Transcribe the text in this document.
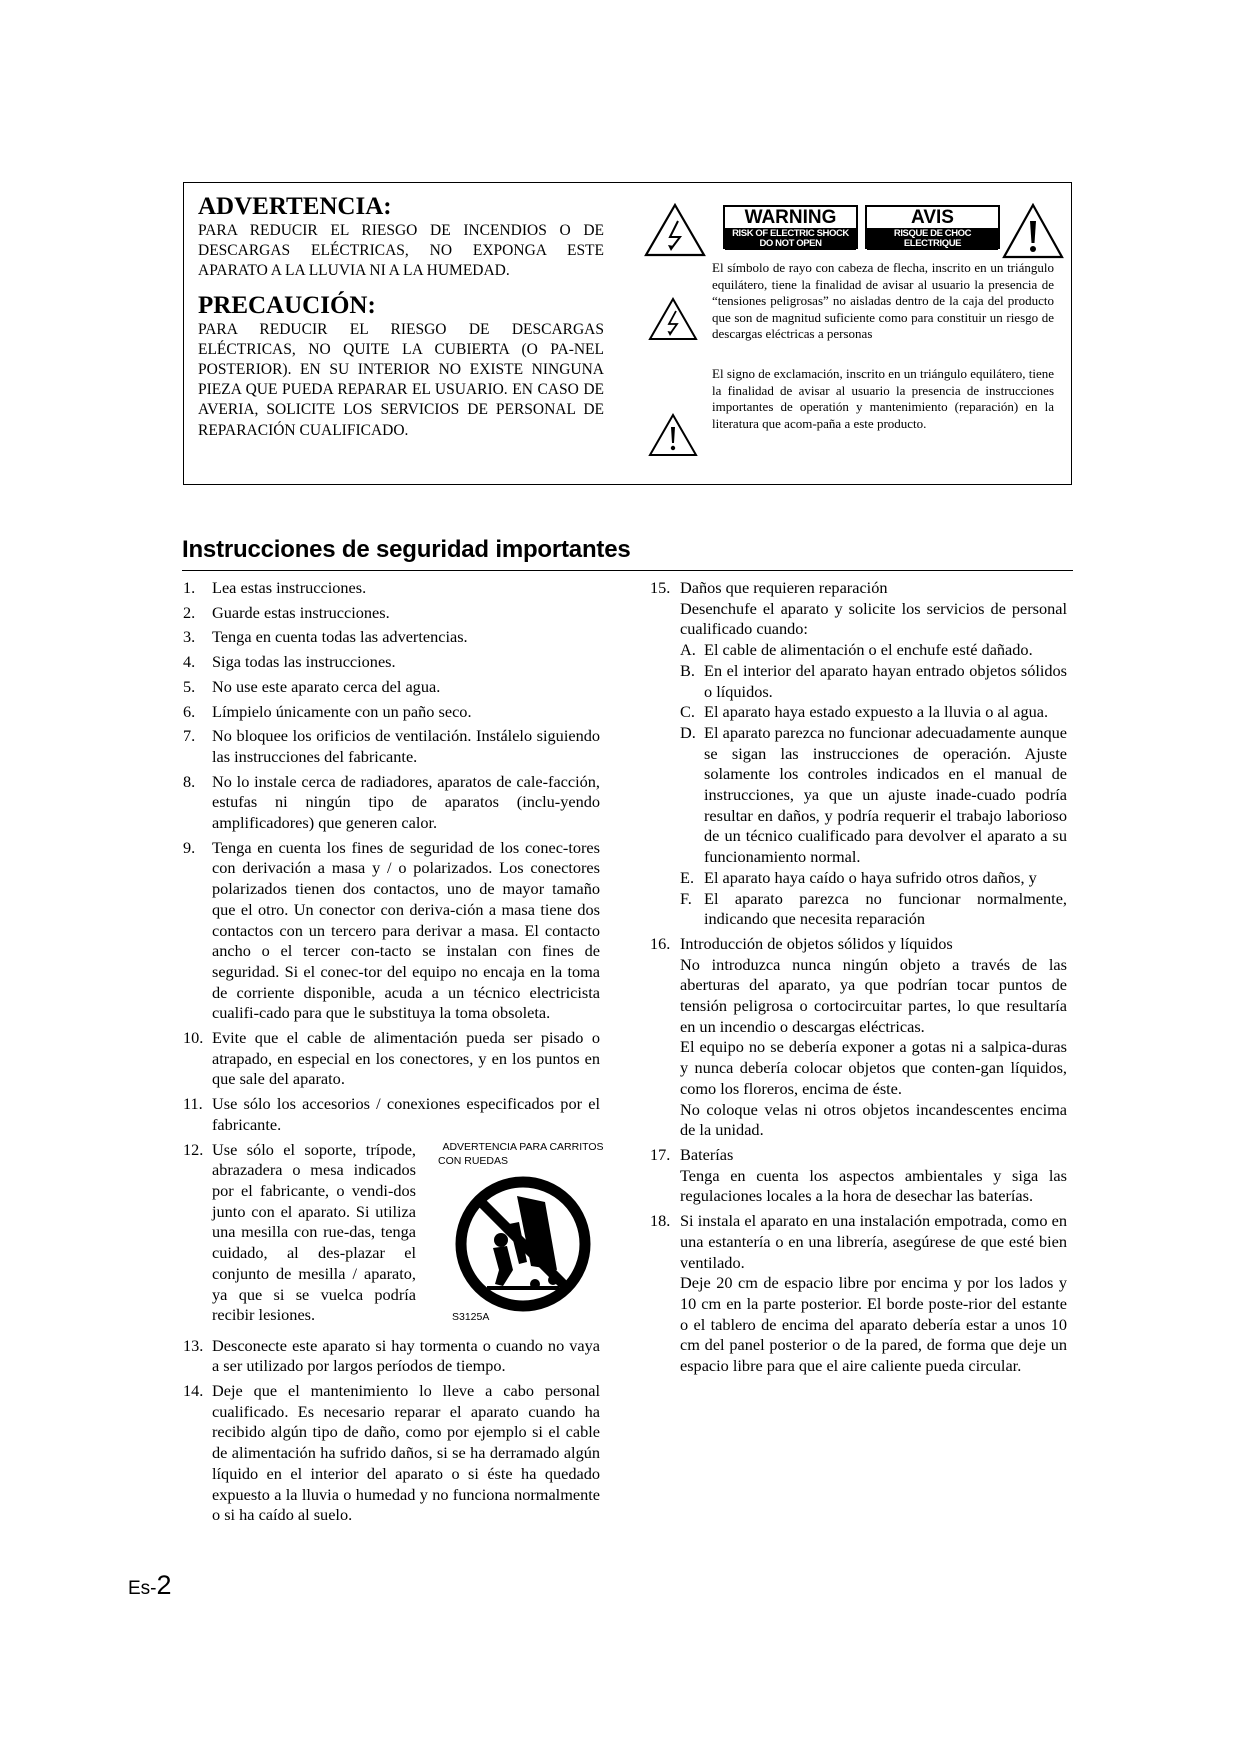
ADVERTENCIA:

PARA REDUCIR EL RIESGO DE INCENDIOS O DE DESCARGAS ELÉCTRICAS, NO EXPONGA ESTE APARATO A LA LLUVIA NI A LA HUMEDAD.

PRECAUCIÓN:

PARA REDUCIR EL RIESGO DE DESCARGAS ELÉCTRICAS, NO QUITE LA CUBIERTA (O PA-NEL POSTERIOR). EN SU INTERIOR NO EXISTE NINGUNA PIEZA QUE PUEDA REPARAR EL USUARIO. EN CASO DE AVERIA, SOLICITE LOS SERVICIOS DE PERSONAL DE REPARACIÓN CUALIFICADO.

WARNING
RISK OF ELECTRIC SHOCK
DO NOT OPEN
AVIS
RISQUE DE CHOC ELECTRIQUE
NE PAS OUVRIR

El símbolo de rayo con cabeza de flecha, inscrito en un triángulo equilátero, tiene la finalidad de avisar al usuario la presencia de “tensiones peligrosas” no aisladas dentro de la caja del producto que son de magnitud suficiente como para constituir un riesgo de descargas eléctricas a personas

El signo de exclamación, inscrito en un triángulo equilátero, tiene la finalidad de avisar al usuario la presencia de instrucciones importantes de operatión y mantenimiento (reparación) en la literatura que acom-paña a este producto.

Instrucciones de seguridad importantes
1.	Lea estas instrucciones.
2.	Guarde estas instrucciones.
3.	Tenga en cuenta todas las advertencias.
4.	Siga todas las instrucciones.
5.	No use este aparato cerca del agua.
6.	Límpielo únicamente con un paño seco.
7.	No bloquee los orificios de ventilación. Instálelo siguiendo las instrucciones del fabricante.
8.	No lo instale cerca de radiadores, aparatos de cale-facción, estufas ni ningún tipo de aparatos (inclu-yendo amplificadores) que generen calor.
9.	Tenga en cuenta los fines de seguridad de los conec-tores con derivación a masa y / o polarizados. Los conectores polarizados tienen dos contactos, uno de mayor tamaño que el otro. Un conector con deriva-ción a masa tiene dos contactos con un tercero para derivar a masa. El contacto ancho o el tercer con-tacto se instalan con fines de seguridad. Si el conec-tor del equipo no encaja en la toma de corriente disponible, acuda a un técnico electricista cualifi-cado para que le substituya la toma obsoleta.
10. Evite que el cable de alimentación pueda ser pisado o atrapado, en especial en los conectores, y en los puntos en que sale del aparato.
11. Use sólo los accesorios / conexiones especificados por el fabricante.
12. Use sólo el soporte, trípode, abrazadera o mesa indicados por el fabricante, o vendi-dos junto con el aparato. Si utiliza una mesilla con rue-das, tenga cuidado, al des-plazar el conjunto de mesilla / aparato, ya que si se vuelca podría recibir lesiones.
ADVERTENCIA PARA CARRITOS CON RUEDAS
S3125A
13. Desconecte este aparato si hay tormenta o cuando no vaya a ser utilizado por largos períodos de tiempo.
14. Deje que el mantenimiento lo lleve a cabo personal cualificado. Es necesario reparar el aparato cuando ha recibido algún tipo de daño, como por ejemplo si el cable de alimentación ha sufrido daños, si se ha derramado algún líquido en el interior del aparato o si éste ha quedado expuesto a la lluvia o humedad y no funciona normalmente o si ha caído al suelo.
15. Daños que requieren reparación
Desenchufe el aparato y solicite los servicios de personal cualificado cuando:
A. El cable de alimentación o el enchufe esté dañado.
B. En el interior del aparato hayan entrado objetos sólidos o líquidos.
C. El aparato haya estado expuesto a la lluvia o al agua.
D. El aparato parezca no funcionar adecuadamente aunque se sigan las instrucciones de operación. Ajuste solamente los controles indicados en el manual de instrucciones, ya que un ajuste inade-cuado podría resultar en daños, y podría requerir el trabajo laborioso de un técnico cualificado para devolver el aparato a su funcionamiento normal.
E. El aparato haya caído o haya sufrido otros daños, y
F. El aparato parezca no funcionar normalmente, indicando que necesita reparación
16. Introducción de objetos sólidos y líquidos
No introduzca nunca ningún objeto a través de las aberturas del aparato, ya que podrían tocar puntos de tensión peligrosa o cortocircuitar partes, lo que resultaría en un incendio o descargas eléctricas.
El equipo no se debería exponer a gotas ni a salpica-duras y nunca debería colocar objetos que conten-gan líquidos, como los floreros, encima de éste.
No coloque velas ni otros objetos incandescentes encima de la unidad.
17. Baterías
Tenga en cuenta los aspectos ambientales y siga las regulaciones locales a la hora de desechar las baterías.
18. Si instala el aparato en una instalación empotrada, como en una estantería o en una librería, asegúrese de que esté bien ventilado.
Deje 20 cm de espacio libre por encima y por los lados y 10 cm en la parte posterior. El borde poste-rior del estante o el tablero de encima del aparato debería estar a unos 10 cm del panel posterior o de la pared, de forma que deje un espacio libre para que el aire caliente pueda circular.
Es-2
